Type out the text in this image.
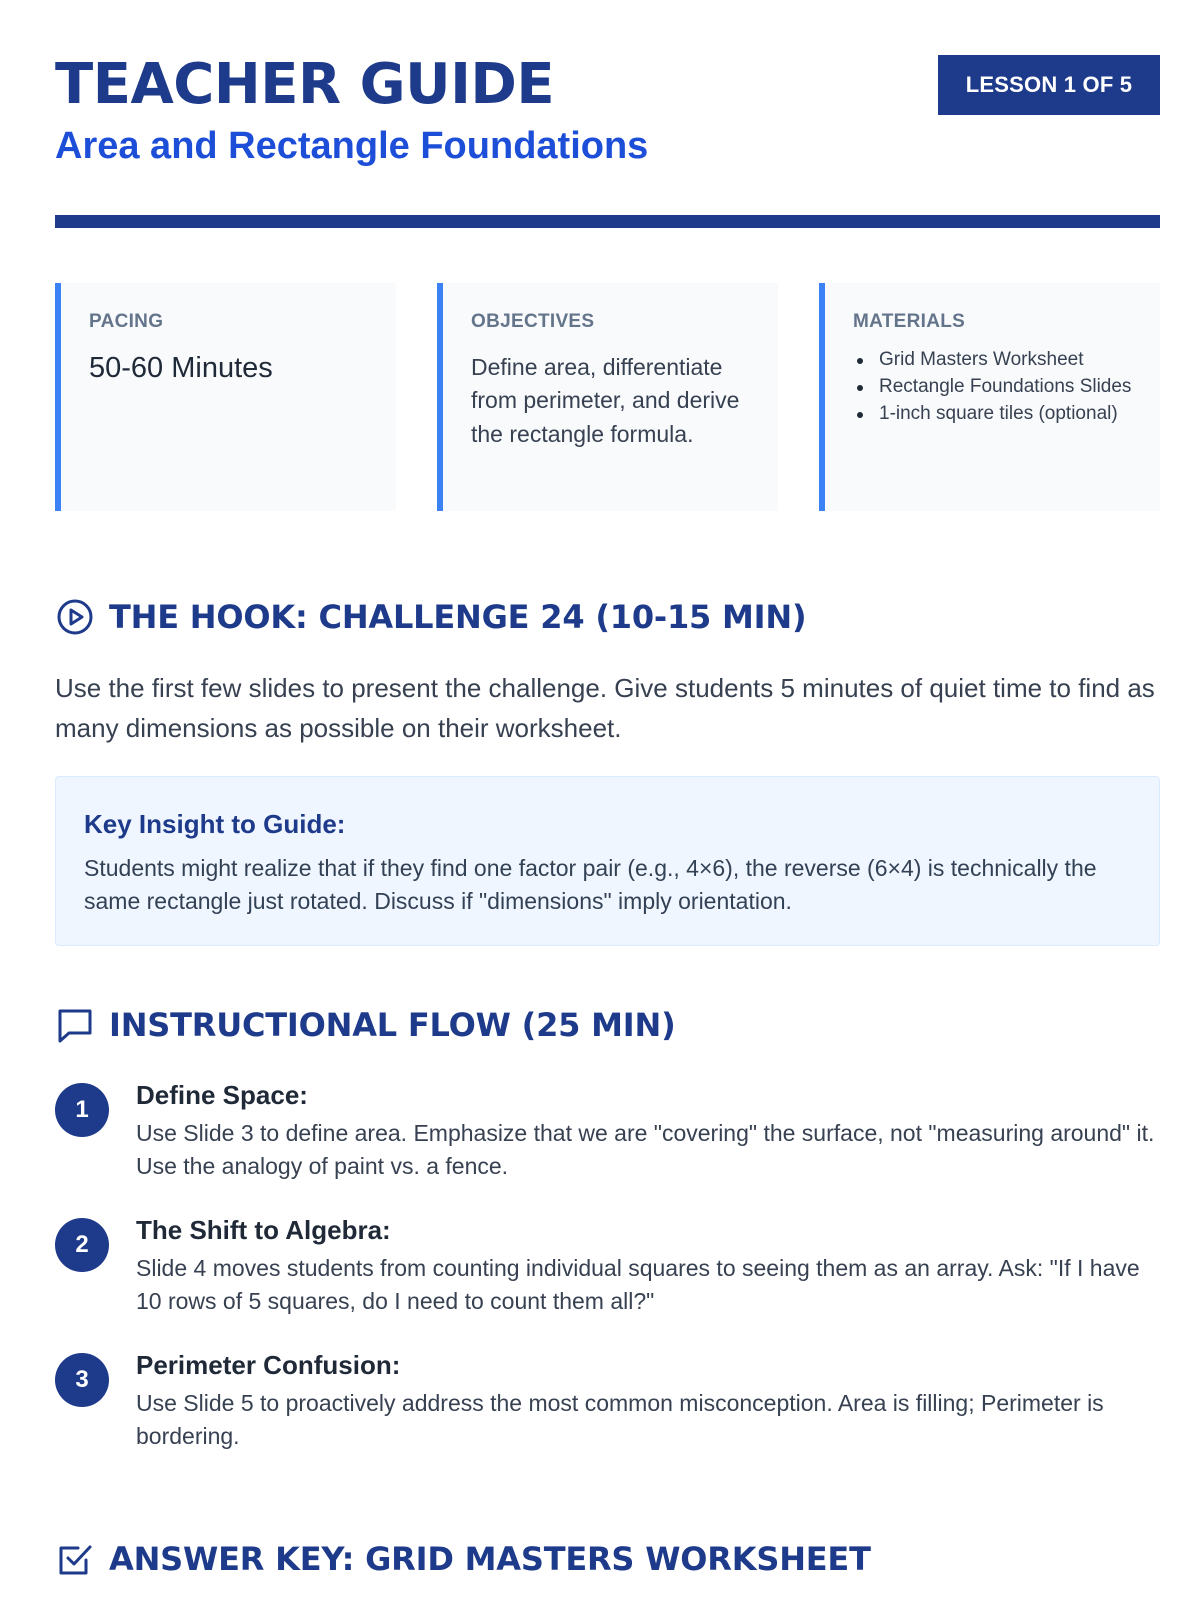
TEACHER GUIDE
Area and Rectangle Foundations
LESSON 1 OF 5
PACING
50-60 Minutes
OBJECTIVES
Define area, differentiate from perimeter, and derive the rectangle formula.
MATERIALS
Grid Masters Worksheet
Rectangle Foundations Slides
1-inch square tiles (optional)
THE HOOK: CHALLENGE 24 (10-15 MIN)
Use the first few slides to present the challenge. Give students 5 minutes of quiet time to find as many dimensions as possible on their worksheet.
Key Insight to Guide:
Students might realize that if they find one factor pair (e.g., 4×6), the reverse (6×4) is technically the same rectangle just rotated. Discuss if "dimensions" imply orientation.
INSTRUCTIONAL FLOW (25 MIN)
1	Define Space:
Use Slide 3 to define area. Emphasize that we are "covering" the surface, not "measuring around" it. Use the analogy of paint vs. a fence.
2	The Shift to Algebra:
Slide 4 moves students from counting individual squares to seeing them as an array. Ask: "If I have 10 rows of 5 squares, do I need to count them all?"
3	Perimeter Confusion:
Use Slide 5 to proactively address the most common misconception. Area is filling; Perimeter is bordering.
ANSWER KEY: GRID MASTERS WORKSHEET
